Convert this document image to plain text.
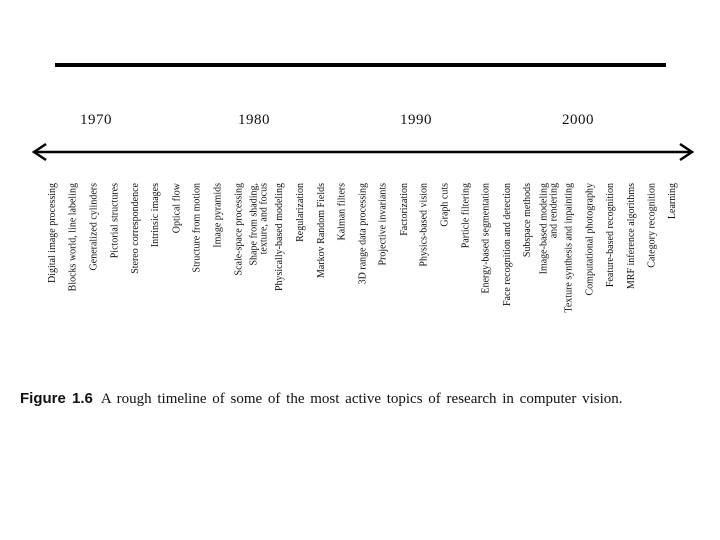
1970	1980	1990	2000
Digital image processing Blocks world, line labeling Generalized cylinders Pictorial structures Stereo correspondence Intrinsic images Optical flow Structure from motion Image pyramids Scale-space processing Shape from shading, texture, and focus Physically-based modeling Regularization Markov Random Fields Kalman filters 3D range data processing Projective invariants Factorization Physics-based vision Graph cuts Particle filtering Energy-based segmentation Face recognition and detection Subspace methods Image-based modeling and rendering Texture synthesis and inpainting Computational photography Feature-based recognition MRF inference algorithms Category recognition Learning
Figure 1.6 A rough timeline of some of the most active topics of research in computer vision.
